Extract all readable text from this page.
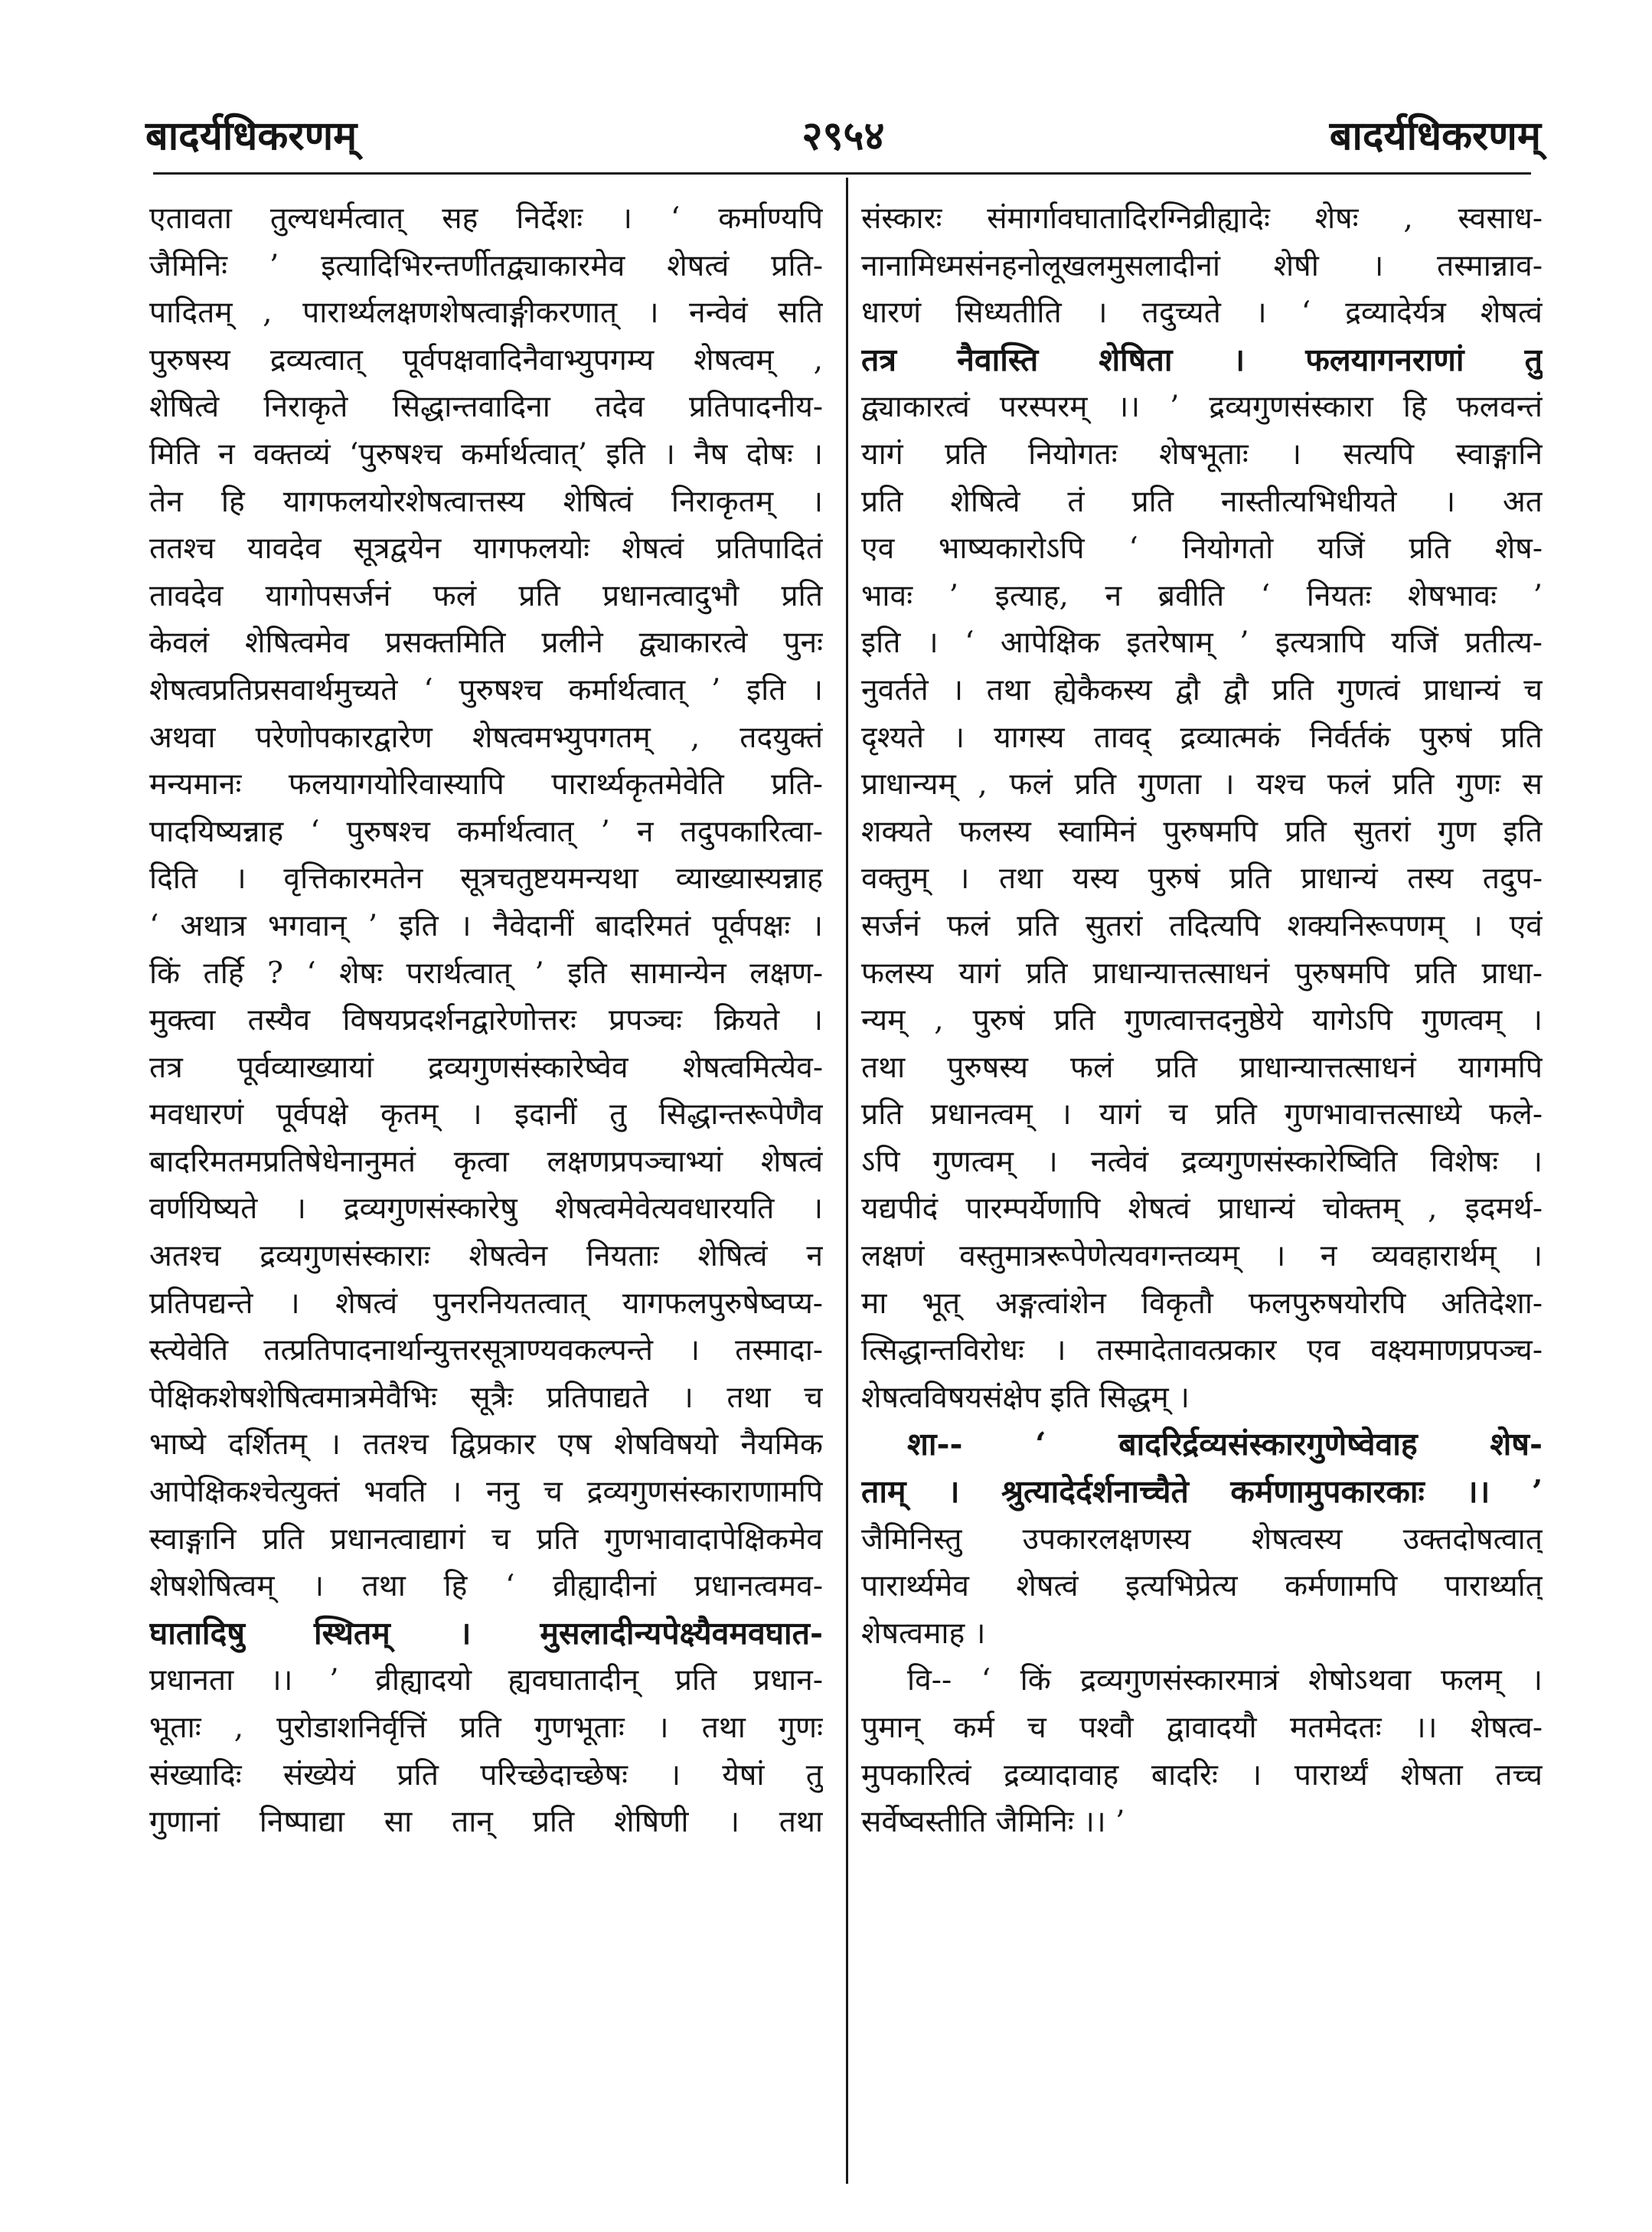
बादर्यधिकरणम्	२९५४	बादर्यधिकरणम्
एतावता तुल्यधर्मत्वात् सह निर्देशः । ‘ कर्माण्यपि
जैमिनिः ’ इत्यादिभिरन्तर्णीतद्व्याकारमेव शेषत्वं प्रति-
पादितम् , पारार्थ्यलक्षणशेषत्वाङ्गीकरणात् । नन्वेवं सति
पुरुषस्य द्रव्यत्वात् पूर्वपक्षवादिनैवाभ्युपगम्य शेषत्वम् ,
शेषित्वे निराकृते सिद्धान्तवादिना तदेव प्रतिपादनीय-
मिति न वक्तव्यं ‘पुरुषश्च कर्मार्थत्वात्’ इति । नैष दोषः ।
तेन हि यागफलयोरशेषत्वात्तस्य शेषित्वं निराकृतम् ।
ततश्च यावदेव सूत्रद्वयेन यागफलयोः शेषत्वं प्रतिपादितं
तावदेव यागोपसर्जनं फलं प्रति प्रधानत्वादुभौ प्रति
केवलं शेषित्वमेव प्रसक्तमिति प्रलीने द्व्याकारत्वे पुनः
शेषत्वप्रतिप्रसवार्थमुच्यते ‘ पुरुषश्च कर्मार्थत्वात् ’ इति ।
अथवा परेणोपकारद्वारेण शेषत्वमभ्युपगतम् , तदयुक्तं
मन्यमानः फलयागयोरिवास्यापि पारार्थ्यकृतमेवेति प्रति-
पादयिष्यन्नाह ‘ पुरुषश्च कर्मार्थत्वात् ’ न तदुपकारित्वा-
दिति । वृत्तिकारमतेन सूत्रचतुष्टयमन्यथा व्याख्यास्यन्नाह
‘ अथात्र भगवान् ’ इति । नैवेदानीं बादरिमतं पूर्वपक्षः ।
किं तर्हि ? ‘ शेषः परार्थत्वात् ’ इति सामान्येन लक्षण-
मुक्त्वा तस्यैव विषयप्रदर्शनद्वारेणोत्तरः प्रपञ्चः क्रियते ।
तत्र पूर्वव्याख्यायां द्रव्यगुणसंस्कारेष्वेव शेषत्वमित्येव-
मवधारणं पूर्वपक्षे कृतम् । इदानीं तु सिद्धान्तरूपेणैव
बादरिमतमप्रतिषेधेनानुमतं कृत्वा लक्षणप्रपञ्चाभ्यां शेषत्वं
वर्णयिष्यते । द्रव्यगुणसंस्कारेषु शेषत्वमेवेत्यवधारयति ।
अतश्च द्रव्यगुणसंस्काराः शेषत्वेन नियताः शेषित्वं न
प्रतिपद्यन्ते । शेषत्वं पुनरनियतत्वात् यागफलपुरुषेष्वप्य-
स्त्येवेति तत्प्रतिपादनार्थान्युत्तरसूत्राण्यवकल्पन्ते । तस्मादा-
पेक्षिकशेषशेषित्वमात्रमेवैभिः सूत्रैः प्रतिपाद्यते । तथा च
भाष्ये दर्शितम् । ततश्च द्विप्रकार एष शेषविषयो नैयमिक
आपेक्षिकश्चेत्युक्तं भवति । ननु च द्रव्यगुणसंस्काराणामपि
स्वाङ्गानि प्रति प्रधानत्वाद्यागं च प्रति गुणभावादापेक्षिकमेव
शेषशेषित्वम् । तथा हि ‘ व्रीह्यादीनां प्रधानत्वमव-
घातादिषु स्थितम् । मुसलादीन्यपेक्ष्यैवमवघात-
प्रधानता ।। ’ व्रीह्यादयो ह्यवघातादीन् प्रति प्रधान-
भूताः , पुरोडाशनिर्वृत्तिं प्रति गुणभूताः । तथा गुणः
संख्यादिः संख्येयं प्रति परिच्छेदाच्छेषः । येषां तु
गुणानां निष्पाद्या सा तान् प्रति शेषिणी । तथा
संस्कारः संमार्गावघातादिरग्निव्रीह्यादेः शेषः , स्वसाध-
नानामिध्मसंनहनोलूखलमुसलादीनां शेषी । तस्मान्नाव-
धारणं सिध्यतीति । तदुच्यते । ‘ द्रव्यादेर्यत्र शेषत्वं
तत्र नैवास्ति शेषिता । फलयागनराणां तु
द्व्याकारत्वं परस्परम् ।। ’ द्रव्यगुणसंस्कारा हि फलवन्तं
यागं प्रति नियोगतः शेषभूताः । सत्यपि स्वाङ्गानि
प्रति शेषित्वे तं प्रति नास्तीत्यभिधीयते । अत
एव भाष्यकारोऽपि ‘ नियोगतो यजिं प्रति शेष-
भावः ’ इत्याह, न ब्रवीति ‘ नियतः शेषभावः ’
इति । ‘ आपेक्षिक इतरेषाम् ’ इत्यत्रापि यजिं प्रतीत्य-
नुवर्तते । तथा ह्येकैकस्य द्वौ द्वौ प्रति गुणत्वं प्राधान्यं च
दृश्यते । यागस्य तावद् द्रव्यात्मकं निर्वर्तकं पुरुषं प्रति
प्राधान्यम् , फलं प्रति गुणता । यश्च फलं प्रति गुणः स
शक्यते फलस्य स्वामिनं पुरुषमपि प्रति सुतरां गुण इति
वक्तुम् । तथा यस्य पुरुषं प्रति प्राधान्यं तस्य तदुप-
सर्जनं फलं प्रति सुतरां तदित्यपि शक्यनिरूपणम् । एवं
फलस्य यागं प्रति प्राधान्यात्तत्साधनं पुरुषमपि प्रति प्राधा-
न्यम् , पुरुषं प्रति गुणत्वात्तदनुष्ठेये यागेऽपि गुणत्वम् ।
तथा पुरुषस्य फलं प्रति प्राधान्यात्तत्साधनं यागमपि
प्रति प्रधानत्वम् । यागं च प्रति गुणभावात्तत्साध्ये फले-
ऽपि गुणत्वम् । नत्वेवं द्रव्यगुणसंस्कारेष्विति विशेषः ।
यद्यपीदं पारम्पर्येणापि शेषत्वं प्राधान्यं चोक्तम् , इदमर्थ-
लक्षणं वस्तुमात्ररूपेणेत्यवगन्तव्यम् । न व्यवहारार्थम् ।
मा भूत् अङ्गत्वांशेन विकृतौ फलपुरुषयोरपि अतिदेशा-
त्सिद्धान्तविरोधः । तस्मादेतावत्प्रकार एव वक्ष्यमाणप्रपञ्च-
शेषत्वविषयसंक्षेप इति सिद्धम् ।
शा-- ‘ बादरिर्द्रव्यसंस्कारगुणेष्वेवाह शेष-
ताम् । श्रुत्यादेर्दर्शनाच्चैते कर्मणामुपकारकाः ।। ’
जैमिनिस्तु उपकारलक्षणस्य शेषत्वस्य उक्तदोषत्वात्
पारार्थ्यमेव शेषत्वं इत्यभिप्रेत्य कर्मणामपि पारार्थ्यात्
शेषत्वमाह ।
वि-- ‘ किं द्रव्यगुणसंस्कारमात्रं शेषोऽथवा फलम् ।
पुमान् कर्म च पश्वौ द्वावादयौ मतमेदतः ।। शेषत्व-
मुपकारित्वं द्रव्यादावाह बादरिः । पारार्थ्यं शेषता तच्च
सर्वेष्वस्तीति जैमिनिः ।। ’
